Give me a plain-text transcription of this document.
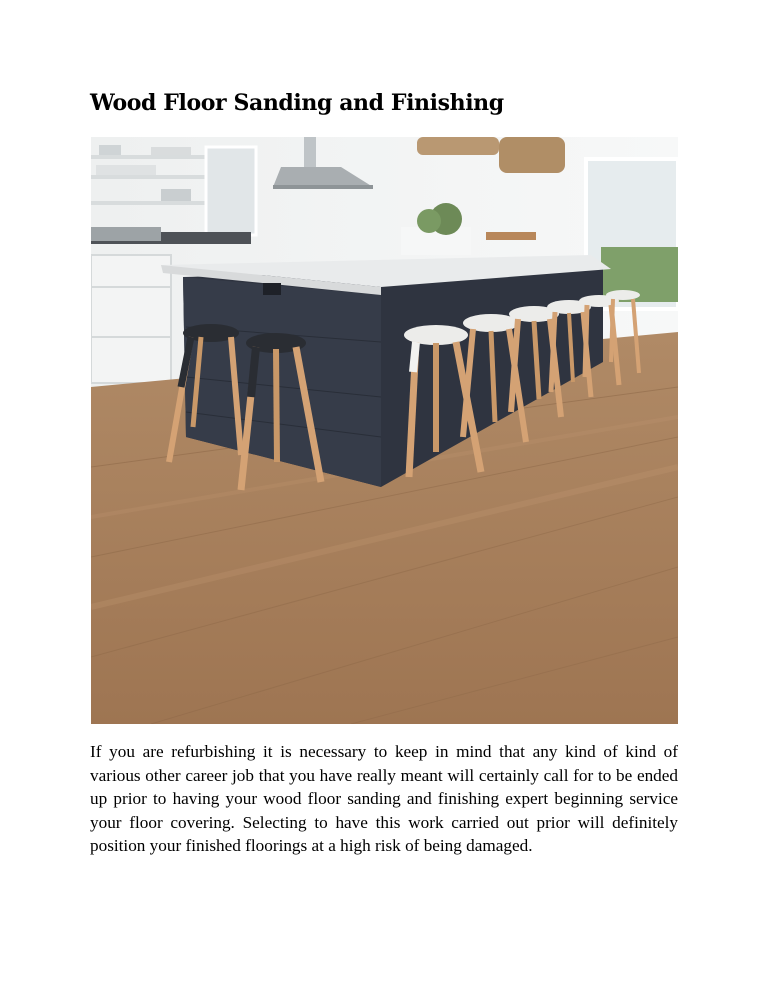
Wood Floor Sanding and Finishing

If you are refurbishing it is necessary to keep in mind that any kind of kind of various other career job that you have really meant will certainly call for to be ended up prior to having your wood floor sanding and finishing expert beginning service your floor covering. Selecting to have this work carried out prior will definitely position your finished floorings at a high risk of being damaged.
